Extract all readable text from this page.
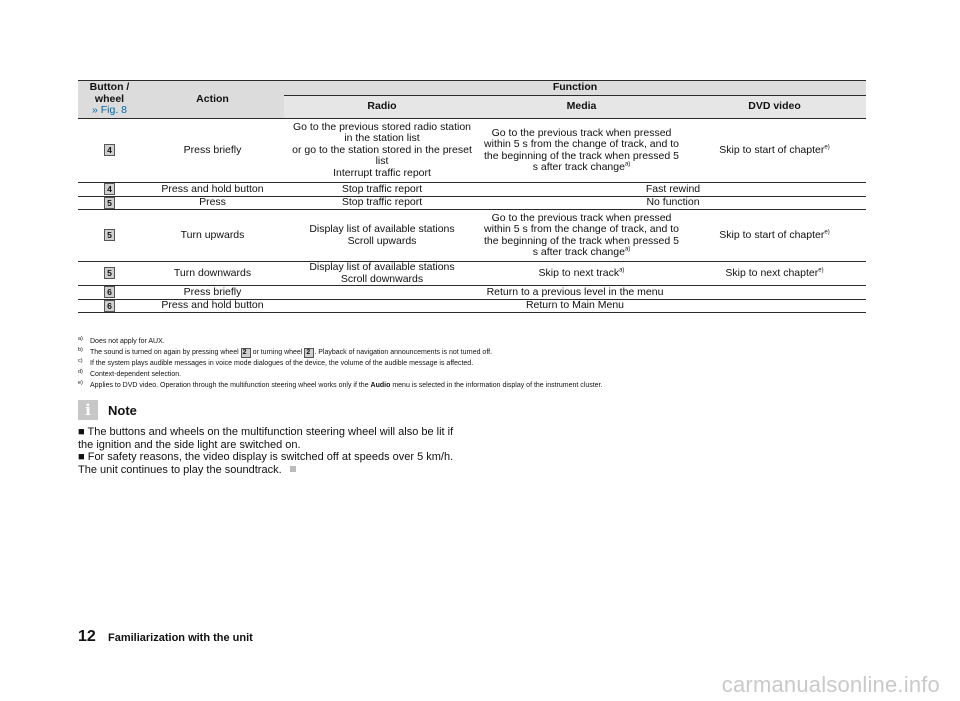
Button / wheel
» Fig. 8	Action	Function		
		Radio	Media	DVD video
4	Press briefly	Go to the previous stored radio station in the station list
or go to the station stored in the preset list
Interrupt traffic report	Go to the previous track when pressed within 5 s from the change of track, and to the beginning of the track when pressed 5 s after track change$^{a)}$	Skip to start of chapter$^{e)}$
4	Press and hold button	Stop traffic report	Fast rewind	
5	Press	Stop traffic report	No function	
5	Turn upwards	Display list of available stations
Scroll upwards	Go to the previous track when pressed within 5 s from the change of track, and to the beginning of the track when pressed 5 s after track change$^{a)}$	Skip to start of chapter$^{e)}$
5	Turn downwards	Display list of available stations
Scroll downwards	Skip to next track$^{a)}$	Skip to next chapter$^{e)}$
6	Press briefly	Return to a previous level in the menu		
6	Press and hold button	Return to Main Menu		
a) Does not apply for AUX.
b) The sound is turned on again by pressing wheel 2 or turning wheel 2 . Playback of navigation announcements is not turned off.
c) If the system plays audible messages in voice mode dialogues of the device, the volume of the audible message is affected.
d) Context-dependent selection.
e) Applies to DVD video. Operation through the multifunction steering wheel works only if the Audio menu is selected in the information display of the instrument cluster.
i	Note

■ The buttons and wheels on the multifunction steering wheel will also be lit if the ignition and the side light are switched on.

■ For safety reasons, the video display is switched off at speeds over 5 km/h. The unit continues to play the soundtrack.

12 Familiarization with the unit
carmanualsonline.info
